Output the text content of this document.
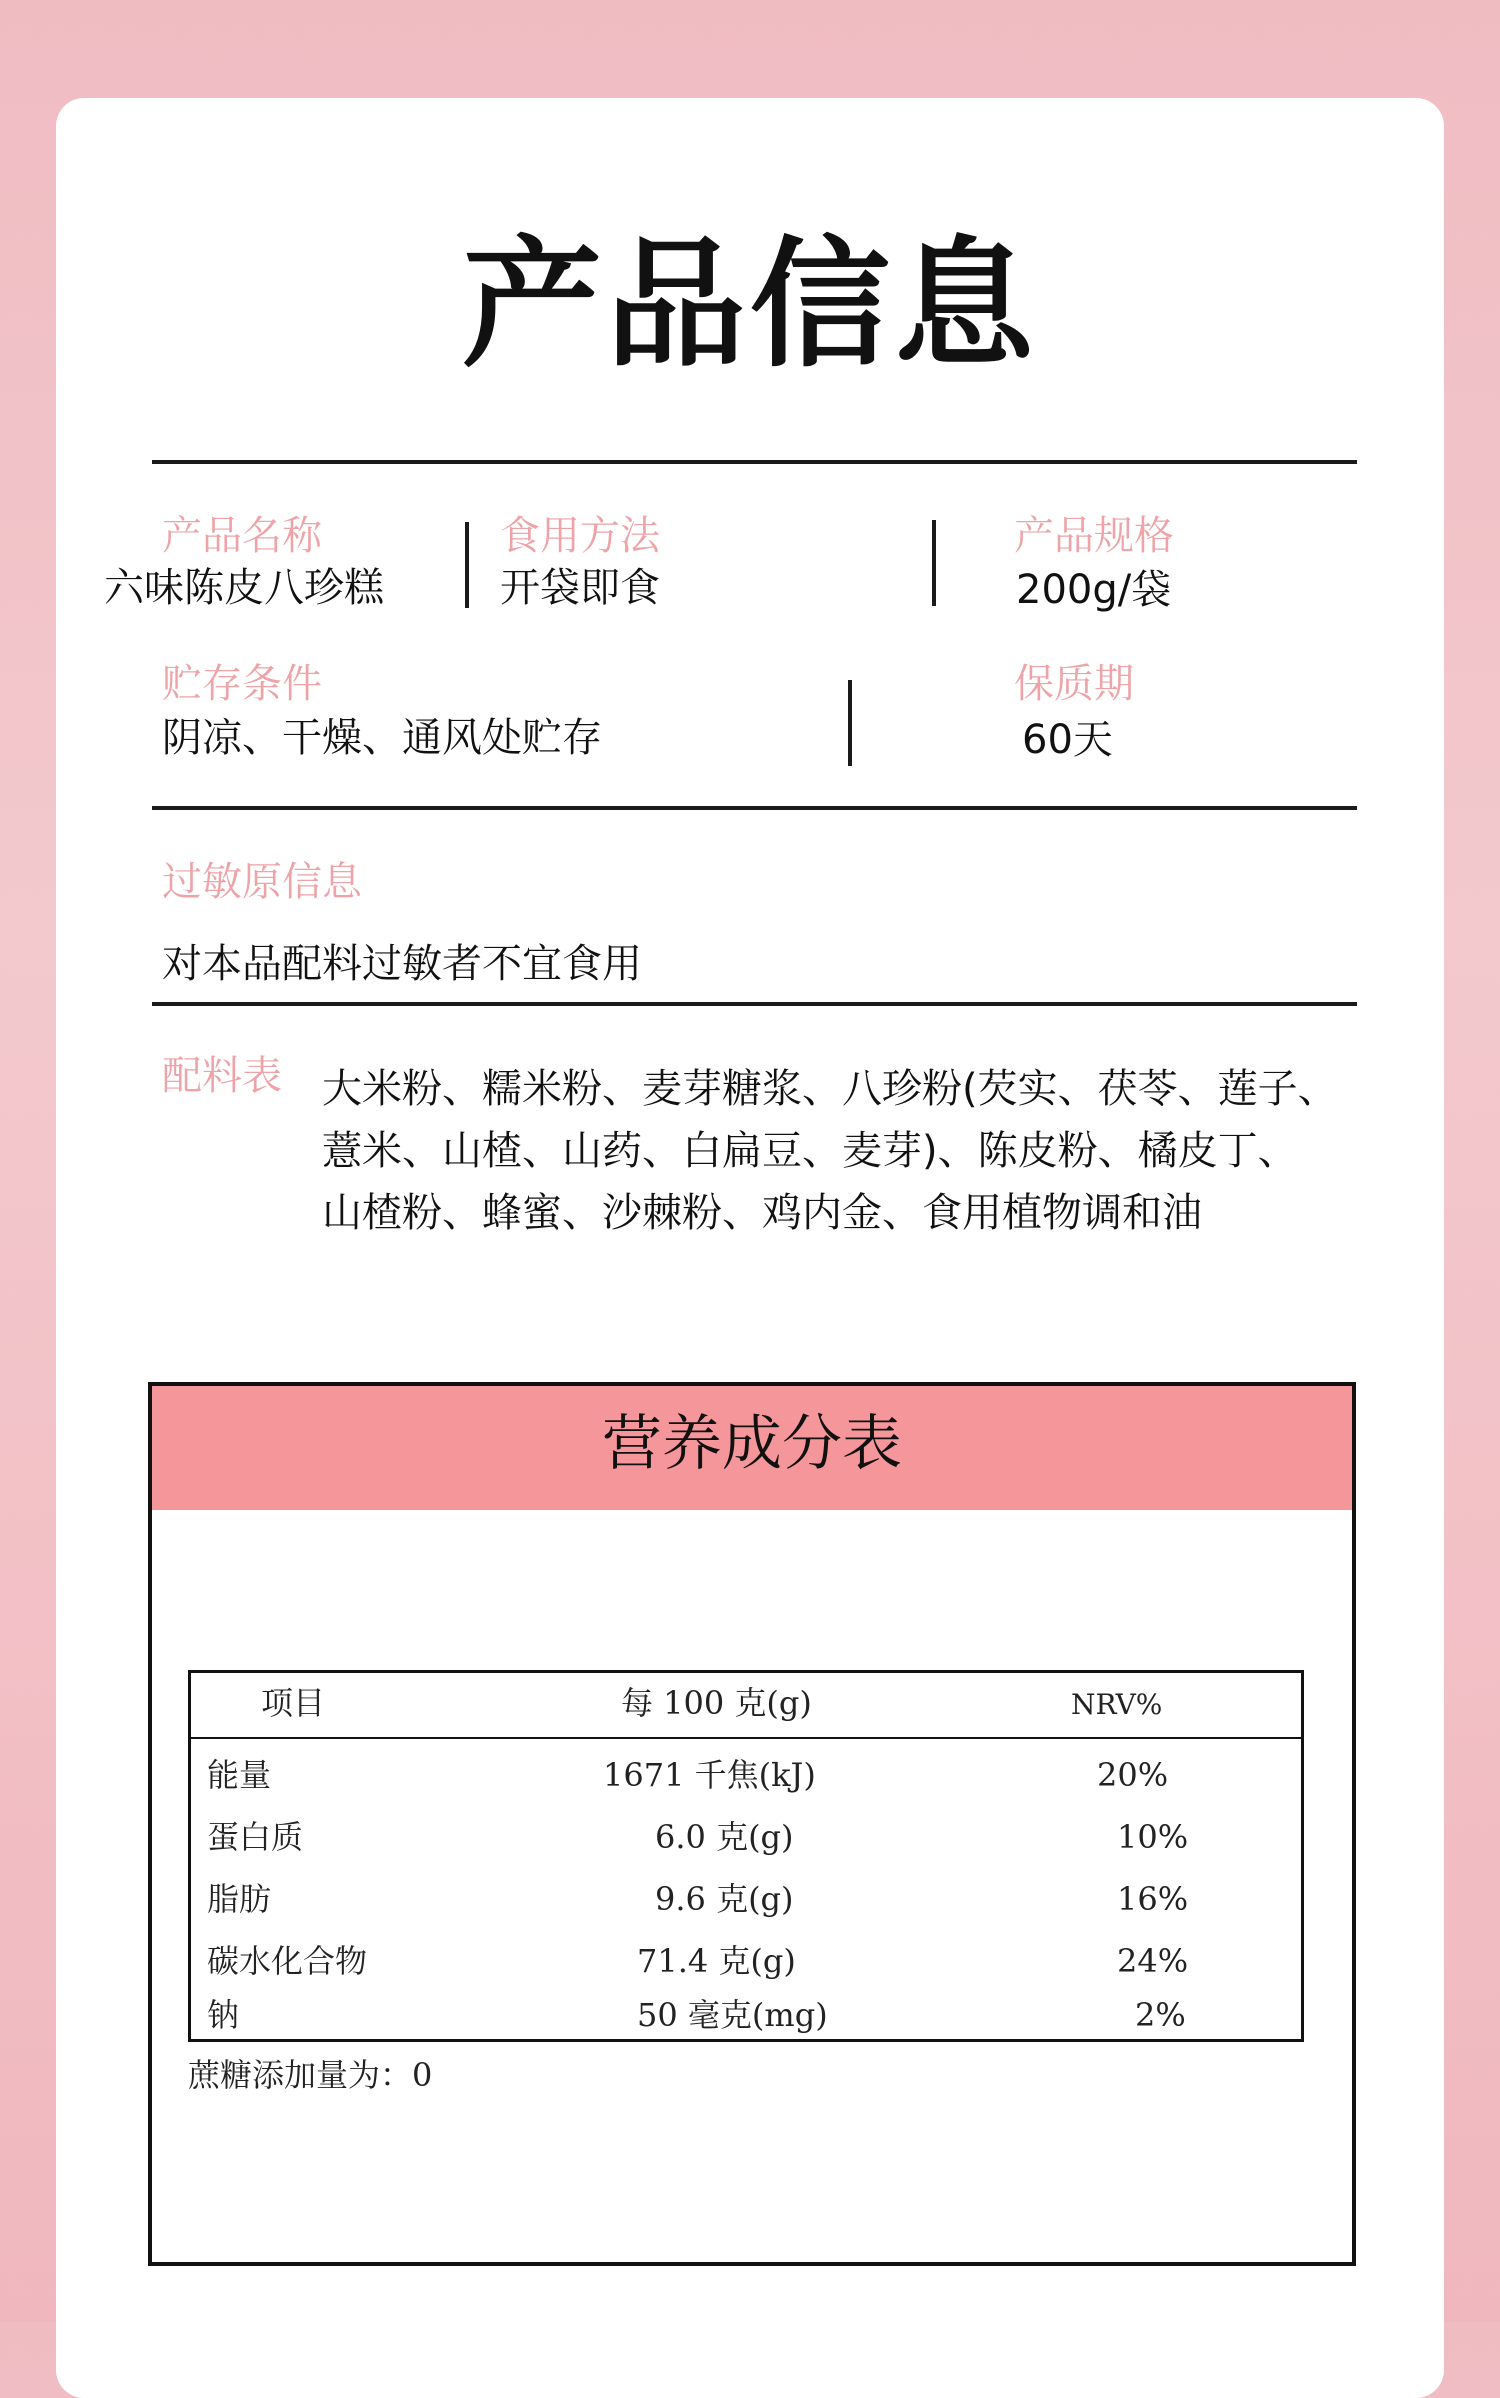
产品信息
产品名称
六味陈皮八珍糕
食用方法
开袋即食
产品规格
200g/袋
贮存条件
阴凉、干燥、通风处贮存
保质期
60天
过敏原信息
对本品配料过敏者不宜食用
配料表 大米粉、糯米粉、麦芽糖浆、八珍粉(芡实、茯苓、莲子、
薏米、山楂、山药、白扁豆、麦芽)、陈皮粉、橘皮丁、
山楂粉、蜂蜜、沙棘粉、鸡内金、食用植物调和油
营养成分表
项目	每 100 克(g)	NRV%
能量	1671 千焦(kJ)	20%
蛋白质	6.0 克(g)	10%
脂肪	9.6 克(g)	16%
碳水化合物	71.4 克(g)	24%
钠	50 毫克(mg)	2%
蔗糖添加量为：0
